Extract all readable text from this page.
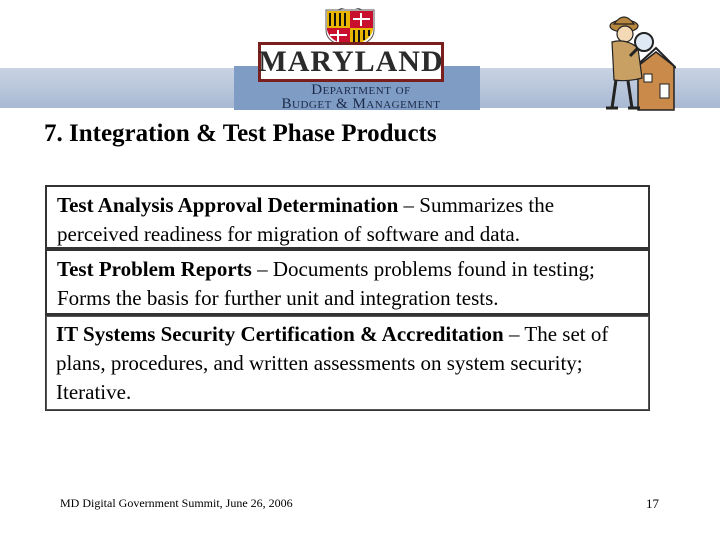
MARYLAND
Department of
Budget & Management
7. Integration & Test Phase Products
Test Analysis Approval Determination – Summarizes the perceived readiness for migration of software and data.
Test Problem Reports – Documents problems found in testing; Forms the basis for further unit and integration tests.
IT Systems Security Certification & Accreditation – The set of plans, procedures, and written assessments on system security; Iterative.
MD Digital Government Summit, June 26, 2006	17
